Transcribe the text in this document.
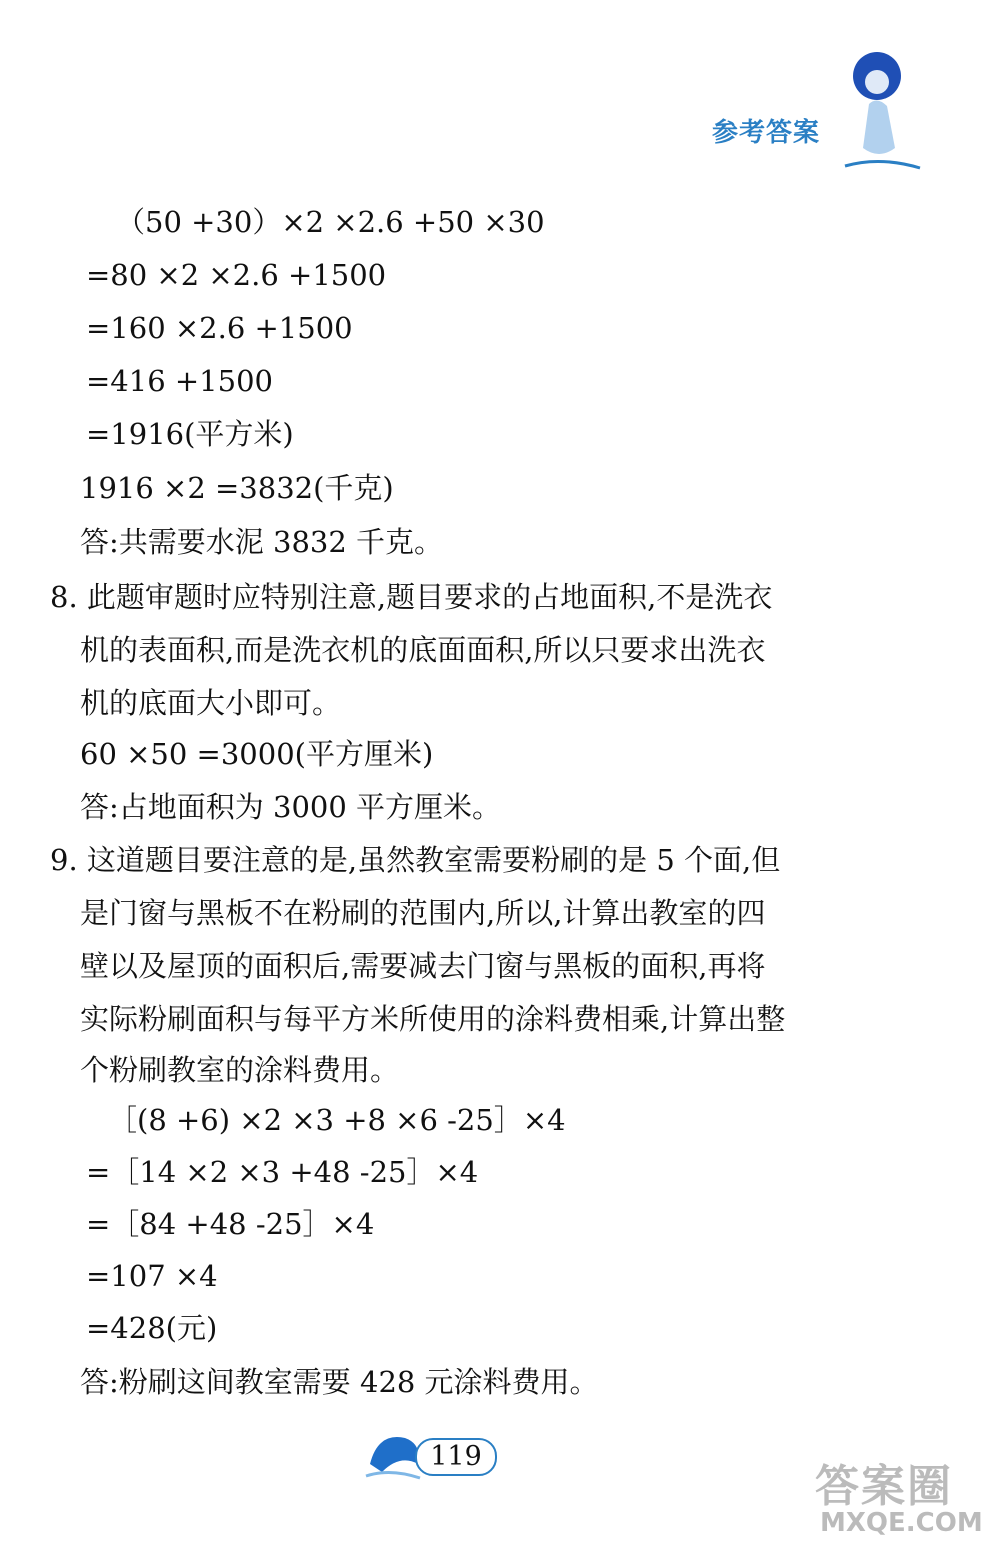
参考答案
（50 +30）×2 ×2.6 +50 ×30
=80 ×2 ×2.6 +1500
=160 ×2.6 +1500
=416 +1500
=1916(平方米)
1916 ×2 =3832(千克)
答:共需要水泥 3832 千克。
8. 此题审题时应特别注意,题目要求的占地面积,不是洗衣
机的表面积,而是洗衣机的底面面积,所以只要求出洗衣
机的底面大小即可。
60 ×50 =3000(平方厘米)
答:占地面积为 3000 平方厘米。
9. 这道题目要注意的是,虽然教室需要粉刷的是 5 个面,但
是门窗与黑板不在粉刷的范围内,所以,计算出教室的四
壁以及屋顶的面积后,需要减去门窗与黑板的面积,再将
实际粉刷面积与每平方米所使用的涂料费相乘,计算出整
个粉刷教室的涂料费用。
［(8 +6) ×2 ×3 +8 ×6 -25］×4
=［14 ×2 ×3 +48 -25］×4
=［84 +48 -25］×4
=107 ×4
=428(元)
答:粉刷这间教室需要 428 元涂料费用。
119
答案圈
MXQE.COM
